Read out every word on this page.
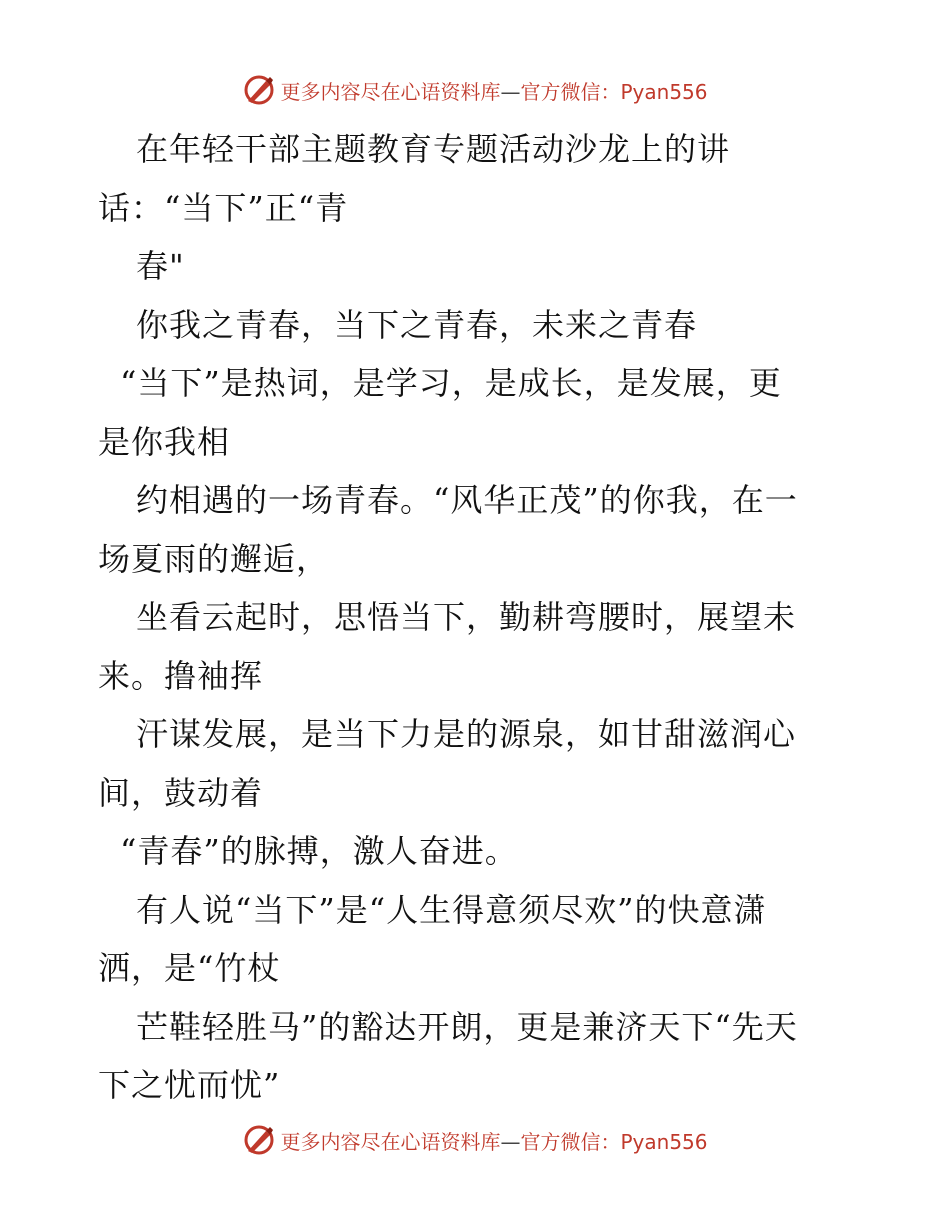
更多内容尽在心语资料库—官方微信：Pyan556
在年轻干部主题教育专题活动沙龙上的讲
话：“当下”正“青
春"
你我之青春，当下之青春，未来之青春
“当下”是热词，是学习，是成长，是发展，更
是你我相
约相遇的一场青春。“风华正茂”的你我，在一
场夏雨的邂逅，
坐看云起时，思悟当下，勤耕弯腰时，展望未
来。撸袖挥
汗谋发展，是当下力是的源泉，如甘甜滋润心
间，鼓动着
“青春”的脉搏，激人奋进。
有人说“当下”是“人生得意须尽欢”的快意潇
洒，是“竹杖
芒鞋轻胜马”的豁达开朗，更是兼济天下“先天
下之忧而忧”
更多内容尽在心语资料库—官方微信：Pyan556
